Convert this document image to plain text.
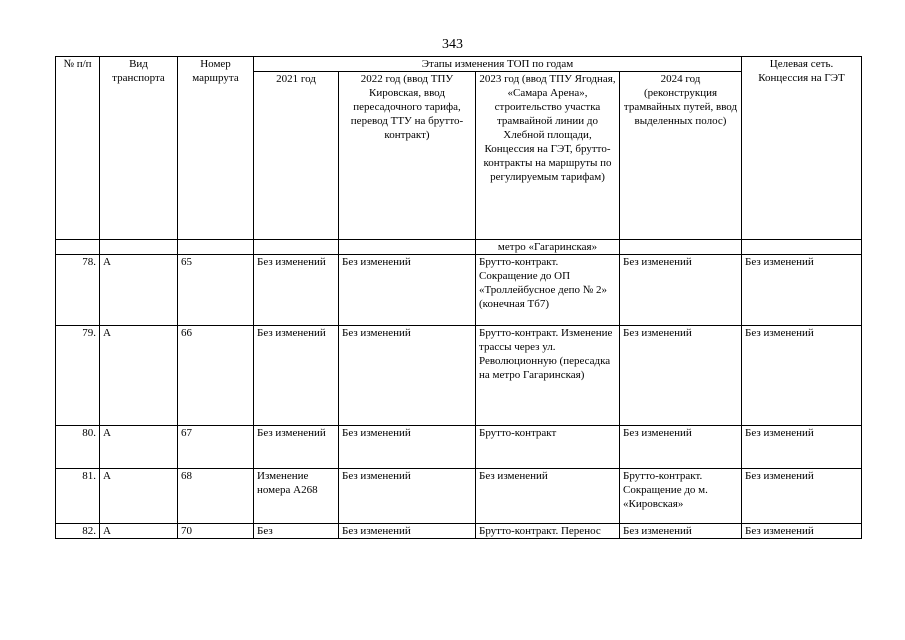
343
№ п/п	Вид транспорта	Номер маршрута	Этапы изменения ТОП по годам				Целевая сеть. Концессия на ГЭТ
			2021 год	2022 год (ввод ТПУ Кировская, ввод пересадочного тарифа, перевод ТТУ на брутто-контракт)	2023 год (ввод ТПУ Ягодная, «Самара Арена», строительство участка трамвайной линии до Хлебной площади, Концессия на ГЭТ, брутто-контракты на маршруты по регулируемым тарифам)	2024 год (реконструкция трамвайных путей, ввод выделенных полос)	
					метро «Гагаринская»		
78.	А	65	Без изменений	Без изменений	Брутто-контракт. Сокращение до ОП «Троллейбусное депо № 2» (конечная Тб7)	Без изменений	Без изменений
79.	А	66	Без изменений	Без изменений	Брутто-контракт. Изменение трассы через ул. Революционную (пересадка на метро Гагаринская)	Без изменений	Без изменений
80.	А	67	Без изменений	Без изменений	Брутто-контракт	Без изменений	Без изменений
81.	А	68	Изменение номера А268	Без изменений	Без изменений	Брутто-контракт. Сокращение до м. «Кировская»	Без изменений
82.	А	70	Без	Без изменений	Брутто-контракт. Перенос	Без изменений	Без изменений
